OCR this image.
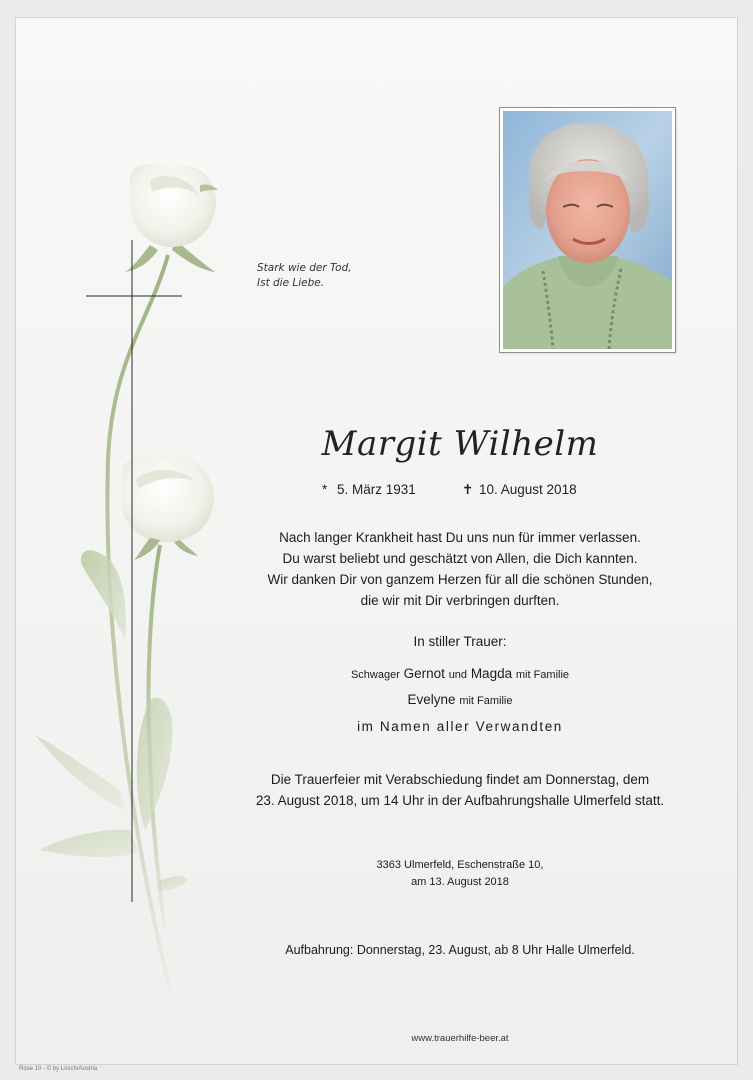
Stark wie der Tod,
Ist die Liebe.
Margit Wilhelm
* 5. März 1931	✝ 10. August 2018
Nach langer Krankheit hast Du uns nun für immer verlassen.
Du warst beliebt und geschätzt von Allen, die Dich kannten.
Wir danken Dir von ganzem Herzen für all die schönen Stunden,
die wir mit Dir verbringen durften.
In stiller Trauer:
Schwager Gernot und Magda mit Familie
Evelyne mit Familie
im Namen aller Verwandten
Die Trauerfeier mit Verabschiedung findet am Donnerstag, dem
23. August 2018, um 14 Uhr in der Aufbahrungshalle Ulmerfeld statt.
3363 Ulmerfeld, Eschenstraße 10,
am 13. August 2018
Aufbahrung: Donnerstag, 23. August, ab 8 Uhr Halle Ulmerfeld.
www.trauerhilfe-beer.at
Rose 10 - © by Lösch/Austria
